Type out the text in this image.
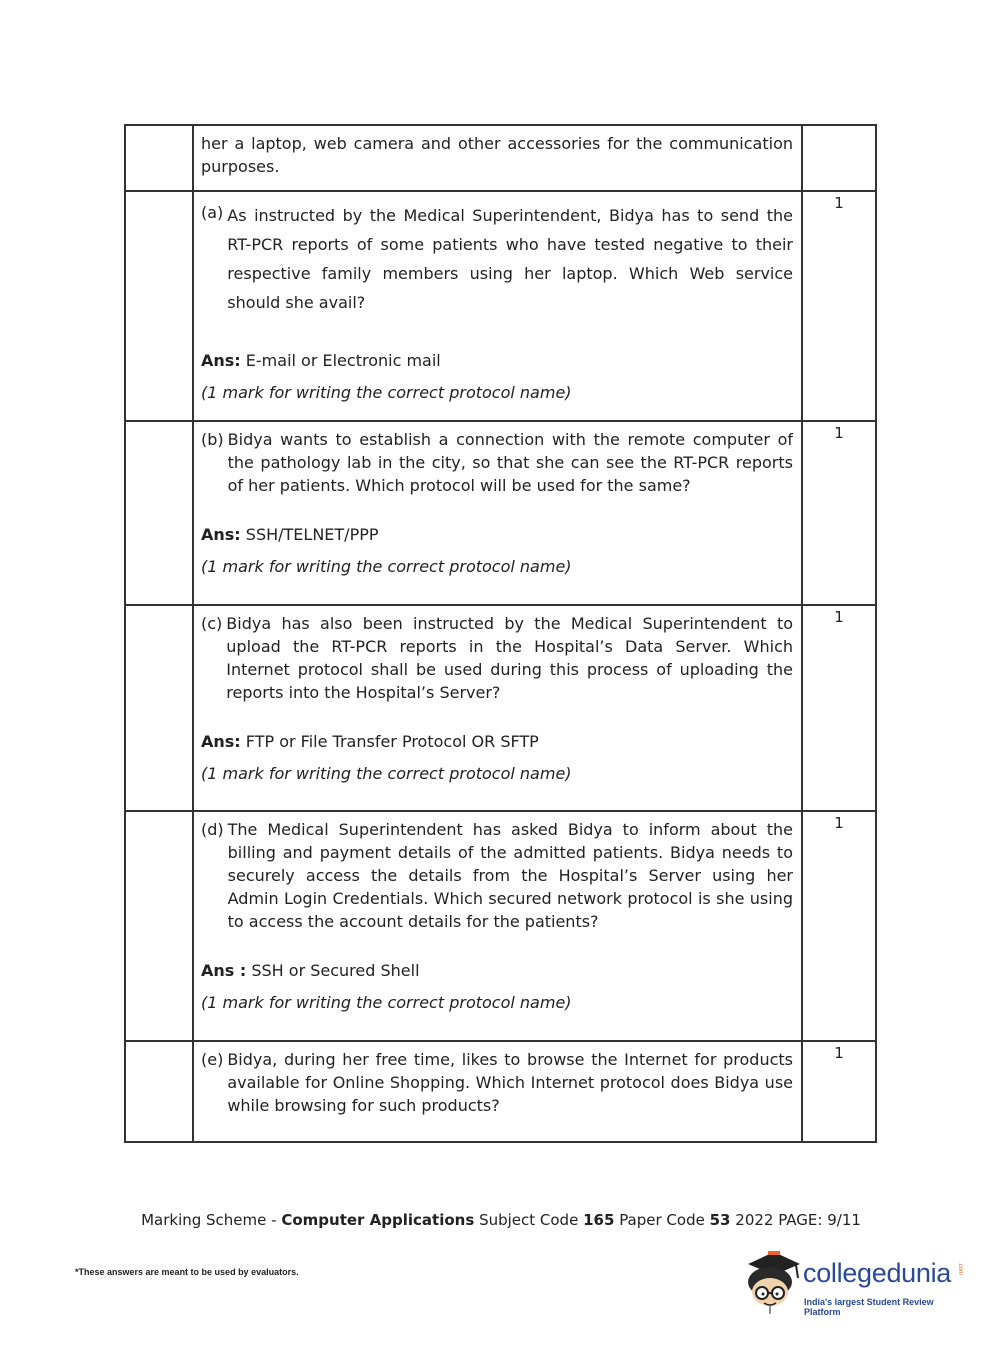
	her a laptop, web camera and other accessories for the communication purposes.	

	(a) As instructed by the Medical Superintendent, Bidya has to send the RT-PCR reports of some patients who have tested negative to their respective family members using her laptop. Which Web service should she avail?
Ans: E-mail or Electronic mail
(1 mark for writing the correct protocol name)	1

	(b) Bidya wants to establish a connection with the remote computer of the pathology lab in the city, so that she can see the RT-PCR reports of her patients. Which protocol will be used for the same?
Ans: SSH/TELNET/PPP
(1 mark for writing the correct protocol name)	1

	(c) Bidya has also been instructed by the Medical Superintendent to upload the RT-PCR reports in the Hospital’s Data Server. Which Internet protocol shall be used during this process of uploading the reports into the Hospital’s Server?
Ans: FTP or File Transfer Protocol OR SFTP
(1 mark for writing the correct protocol name)	1

	(d) The Medical Superintendent has asked Bidya to inform about the billing and payment details of the admitted patients. Bidya needs to securely access the details from the Hospital’s Server using her Admin Login Credentials. Which secured network protocol is she using to access the account details for the patients?
Ans : SSH or Secured Shell
(1 mark for writing the correct protocol name)	1

	(e) Bidya, during her free time, likes to browse the Internet for products available for Online Shopping. Which Internet protocol does Bidya use while browsing for such products?	1
Marking Scheme - Computer Applications Subject Code 165 Paper Code 53 2022 PAGE: 9/11
*These answers are meant to be used by evaluators.	collegedunia .com
India's largest Student Review Platform
